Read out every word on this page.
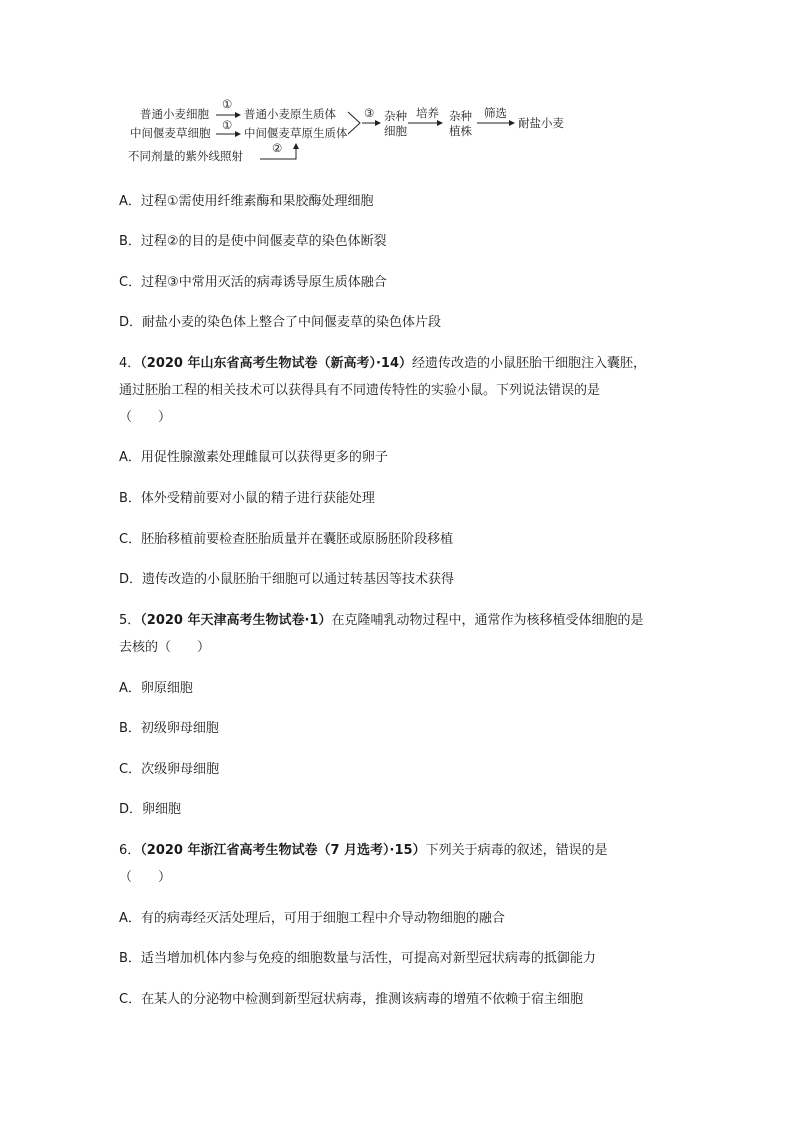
普通小麦细胞
①
普通小麦原生质体
中间偃麦草细胞
①
中间偃麦草原生质体
不同剂量的紫外线照射
②
③ 杂种
细胞
培养 杂种
植株
筛选
耐盐小麦
A．过程①需使用纤维素酶和果胶酶处理细胞
B．过程②的目的是使中间偃麦草的染色体断裂
C．过程③中常用灭活的病毒诱导原生质体融合
D．耐盐小麦的染色体上整合了中间偃麦草的染色体片段
4．（2020 年山东省高考生物试卷（新高考）·14）经遗传改造的小鼠胚胎干细胞注入囊胚，
通过胚胎工程的相关技术可以获得具有不同遗传特性的实验小鼠。下列说法错误的是
（　　）
A．用促性腺激素处理雌鼠可以获得更多的卵子
B．体外受精前要对小鼠的精子进行获能处理
C．胚胎移植前要检查胚胎质量并在囊胚或原肠胚阶段移植
D．遗传改造的小鼠胚胎干细胞可以通过转基因等技术获得
5．（2020 年天津高考生物试卷·1）在克隆哺乳动物过程中，通常作为核移植受体细胞的是
去核的（　　）
A．卵原细胞
B．初级卵母细胞
C．次级卵母细胞
D．卵细胞
6．（2020 年浙江省高考生物试卷（7 月选考）·15）下列关于病毒的叙述，错误的是
（　　）
A．有的病毒经灭活处理后，可用于细胞工程中介导动物细胞的融合
B．适当增加机体内参与免疫的细胞数量与活性，可提高对新型冠状病毒的抵御能力
C．在某人的分泌物中检测到新型冠状病毒，推测该病毒的增殖不依赖于宿主细胞
